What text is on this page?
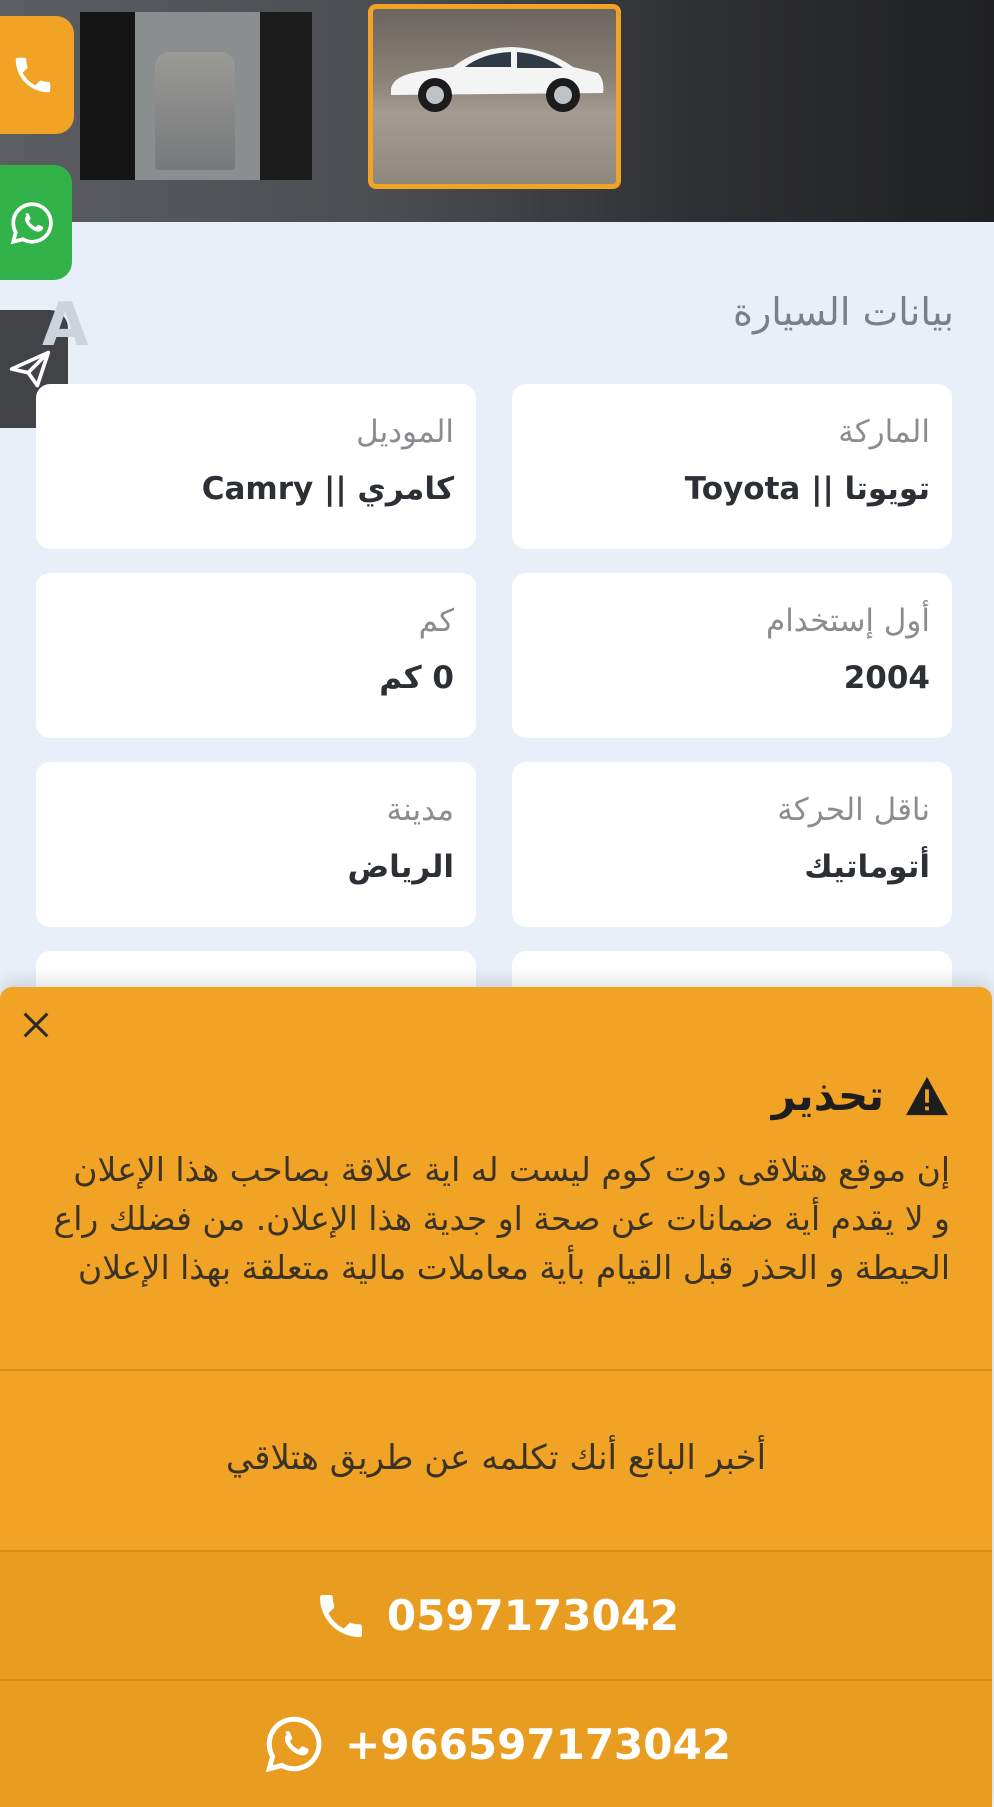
A	بيانات السيارة
الماركة
تويوتا || Toyota
الموديل
كامري || Camry
أول إستخدام
2004
كم
0 كم
ناقل الحركة
أتوماتيك
مدينة
الرياض
تحذير
إن موقع هتلاقى دوت كوم ليست له اية علاقة بصاحب هذا الإعلان و لا يقدم أية ضمانات عن صحة او جدية هذا الإعلان. من فضلك راع الحيطة و الحذر قبل القيام بأية معاملات مالية متعلقة بهذا الإعلان
أخبر البائع أنك تكلمه عن طريق هتلاقي
0597173042
+966597173042
